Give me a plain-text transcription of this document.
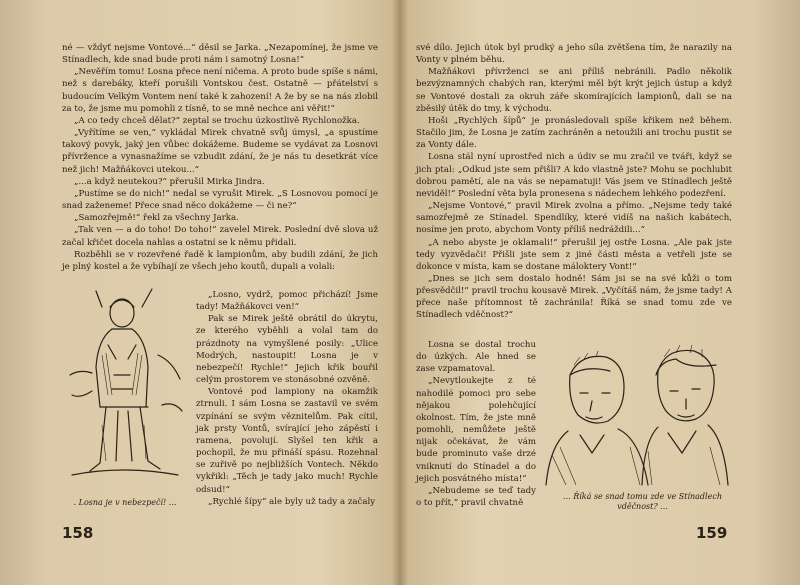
né — vždyť nejsme Vontové...“ děsil se Jarka. „Nezapomínej, že jsme ve Stínadlech, kde snad bude proti nám i samotný Losna!“

„Nevěřím tomu! Losna přece není ničema. A proto bude spíše s námi, než s darebáky, kteří porušili Vontskou čest. Ostatně — přátelství s budoucím Velkým Vontem není také k zahození! A že by se na nás zlobil za to, že jsme mu pomohli z tísně, to se mně nechce ani věřit!“

„A co tedy chceš dělat?“ zeptal se trochu úzkostlivě Rychlonožka.

„Vyřítíme se ven,“ vykládal Mirek chvatně svůj úmysl, „a spustíme takový povyk, jaký jen vůbec dokážeme. Budeme se vydávat za Losnovi přívržence a vynasnažíme se vzbudit zdání, že je nás tu desetkrát více než jich! Mažňákovci utekou...“

„...a když neutekou?“ přerušil Mirka Jindra.

„Pustíme se do nich!“ nedal se vyrušit Mirek. „S Losnovou pomocí je snad zaženeme! Přece snad něco dokážeme — či ne?“

„Samozřejmě!“ řekl za všechny Jarka.

„Tak ven — a do toho! Do toho!“ zavelel Mirek. Poslední dvě slova už začal křičet docela nahlas a ostatní se k němu přidali.

Rozběhli se v rozevřené řadě k lampionům, aby budili zdání, že jich je plný kostel a že vybíhají ze všech jeho koutů, dupali a volali:

„Losno, vydrž, pomoc přichází! Jsme tady! Mažňákovci ven!“

Pak se Mirek ještě obrátil do úkrytu, ze kterého vyběhli a volal tam do prázdnoty na vymyšlené posily: „Ulice Modrých, nastoupit! Losna je v nebezpečí! Rychle!“ Jejich křik bouřil celým prostorem ve stonásobné ozvěně.

Vontové pod lampiony na okamžik ztrnuli. I sám Losna se zastavil ve svém vzpínání se svým věznitelům. Pak cítil, jak prsty Vontů, svírající jeho zápěstí i ramena, povolují. Slyšel ten křik a pochopil, že mu přináší spásu. Rozehnal se zuřivě po nejbližších Vontech. Někdo vykřikl: „Těch je tady jako much! Rychle odsud!“

. Losna je v nebezpečí! ...	„Rychlé šípy“ ale byly už tady a začaly

158

své dílo. Jejich útok byl prudký a jeho síla zvětšena tím, že narazily na Vonty v plném běhu.

Mažňákovi přívrženci se ani příliš nebránili. Padlo několik bezvýznamných chabých ran, kterými měl být krýt jejich ústup a když se Vontové dostali za okruh záře skomírajících lampionů, dali se na zběsilý útěk do tmy, k východu.

Hoši „Rychlých šípů“ je pronásledovali spíše křikem než během. Stačilo jim, že Losna je zatím zachráněn a netoužili ani trochu pustit se za Vonty dále.

Losna stál nyní uprostřed nich a údiv se mu zračil ve tváři, když se jich ptal: „Odkud jste sem přišli? A kdo vlastně jste? Mohu se pochlubit dobrou pamětí, ale na vás se nepamatuji! Vás jsem ve Stínadlech ještě neviděl!“ Poslední věta byla pronesena s nádechem lehkého podezření.

„Nejsme Vontové,“ pravil Mirek zvolna a přímo. „Nejsme tedy také samozřejmě ze Stínadel. Spendlíky, které vidíš na našich kabátech, nosíme jen proto, abychom Vonty příliš nedráždili...“

„A nebo abyste je oklamali!“ přerušil jej ostře Losna. „Ale pak jste tedy vyzvědači! Přišli jste sem z jiné části města a vetřeli jste se dokonce v místa, kam se dostane máloktery Vont!“

„Dnes se jich sem dostalo hodně! Sám jsi se na své kůži o tom přesvědčil!“ pravil trochu kousavě Mirek. „Vyčítáš nám, že jsme tady! A přece naše přítomnost tě zachránila! Říká se snad tomu zde ve Stínadlech vděčnost?“

Losna se dostal trochu do úzkých. Ale hned se zase vzpamatoval.

„Nevytloukejte z té nahodilé pomoci pro sebe nějakou polehčující okolnost. Tím, že jste mně pomohli, nemůžete ještě nijak očekávat, že vám bude prominuto vaše drzé vniknutí do Stínadel a do jejich posvátného místa!“

„Nebudeme se teď tady o to přít,“ pravil chvatně

... Říká se snad tomu zde ve Stínadlech vděčnost? ...
159
